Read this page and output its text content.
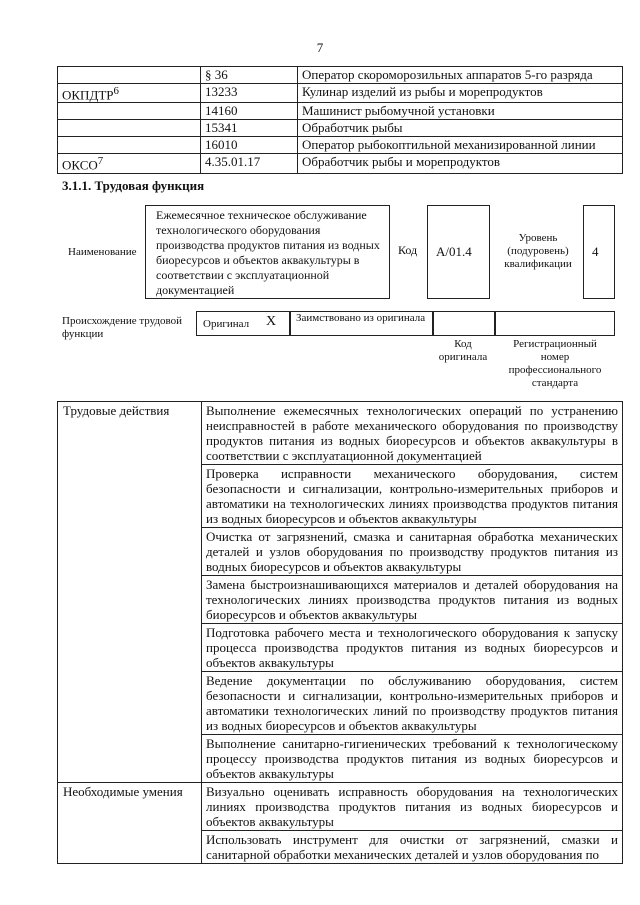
7
	§ 36	Оператор скороморозильных аппаратов 5-го разряда
ОКПДТР$^6$	13233	Кулинар изделий из рыбы и морепродуктов
	14160	Машинист рыбомучной установки
	15341	Обработчик рыбы
	16010	Оператор рыбокоптильной механизированной линии
ОКСО$^7$	4.35.01.17	Обработчик рыбы и морепродуктов
3.1.1. Трудовая функция
Наименование
Ежемесячное техническое обслуживание технологического оборудования производства продуктов питания из водных биоресурсов и объектов аквакультуры в соответствии с эксплуатационной документацией
Код A/01.4
Уровень (подуровень) квалификации
4
Происхождение трудовой функции
Оригинал X Заимствовано из оригинала
Код оригинала
Регистрационный номер профессионального стандарта
Трудовые действия	Выполнение ежемесячных технологических операций по устранению неисправностей в работе механического оборудования по производству продуктов питания из водных биоресурсов и объектов аквакультуры в соответствии с эксплуатационной документацией
	Проверка исправности механического оборудования, систем безопасности и сигнализации, контрольно-измерительных приборов и автоматики на технологических линиях производства продуктов питания из водных биоресурсов и объектов аквакультуры
	Очистка от загрязнений, смазка и санитарная обработка механических деталей и узлов оборудования по производству продуктов питания из водных биоресурсов и объектов аквакультуры
	Замена быстроизнашивающихся материалов и деталей оборудования на технологических линиях производства продуктов питания из водных биоресурсов и объектов аквакультуры
	Подготовка рабочего места и технологического оборудования к запуску процесса производства продуктов питания из водных биоресурсов и объектов аквакультуры
	Ведение документации по обслуживанию оборудования, систем безопасности и сигнализации, контрольно-измерительных приборов и автоматики технологических линий по производству продуктов питания из водных биоресурсов и объектов аквакультуры
	Выполнение санитарно-гигиенических требований к технологическому процессу производства продуктов питания из водных биоресурсов и объектов аквакультуры
Необходимые умения	Визуально оценивать исправность оборудования на технологических линиях производства продуктов питания из водных биоресурсов и объектов аквакультуры
	Использовать инструмент для очистки от загрязнений, смазки и санитарной обработки механических деталей и узлов оборудования по
